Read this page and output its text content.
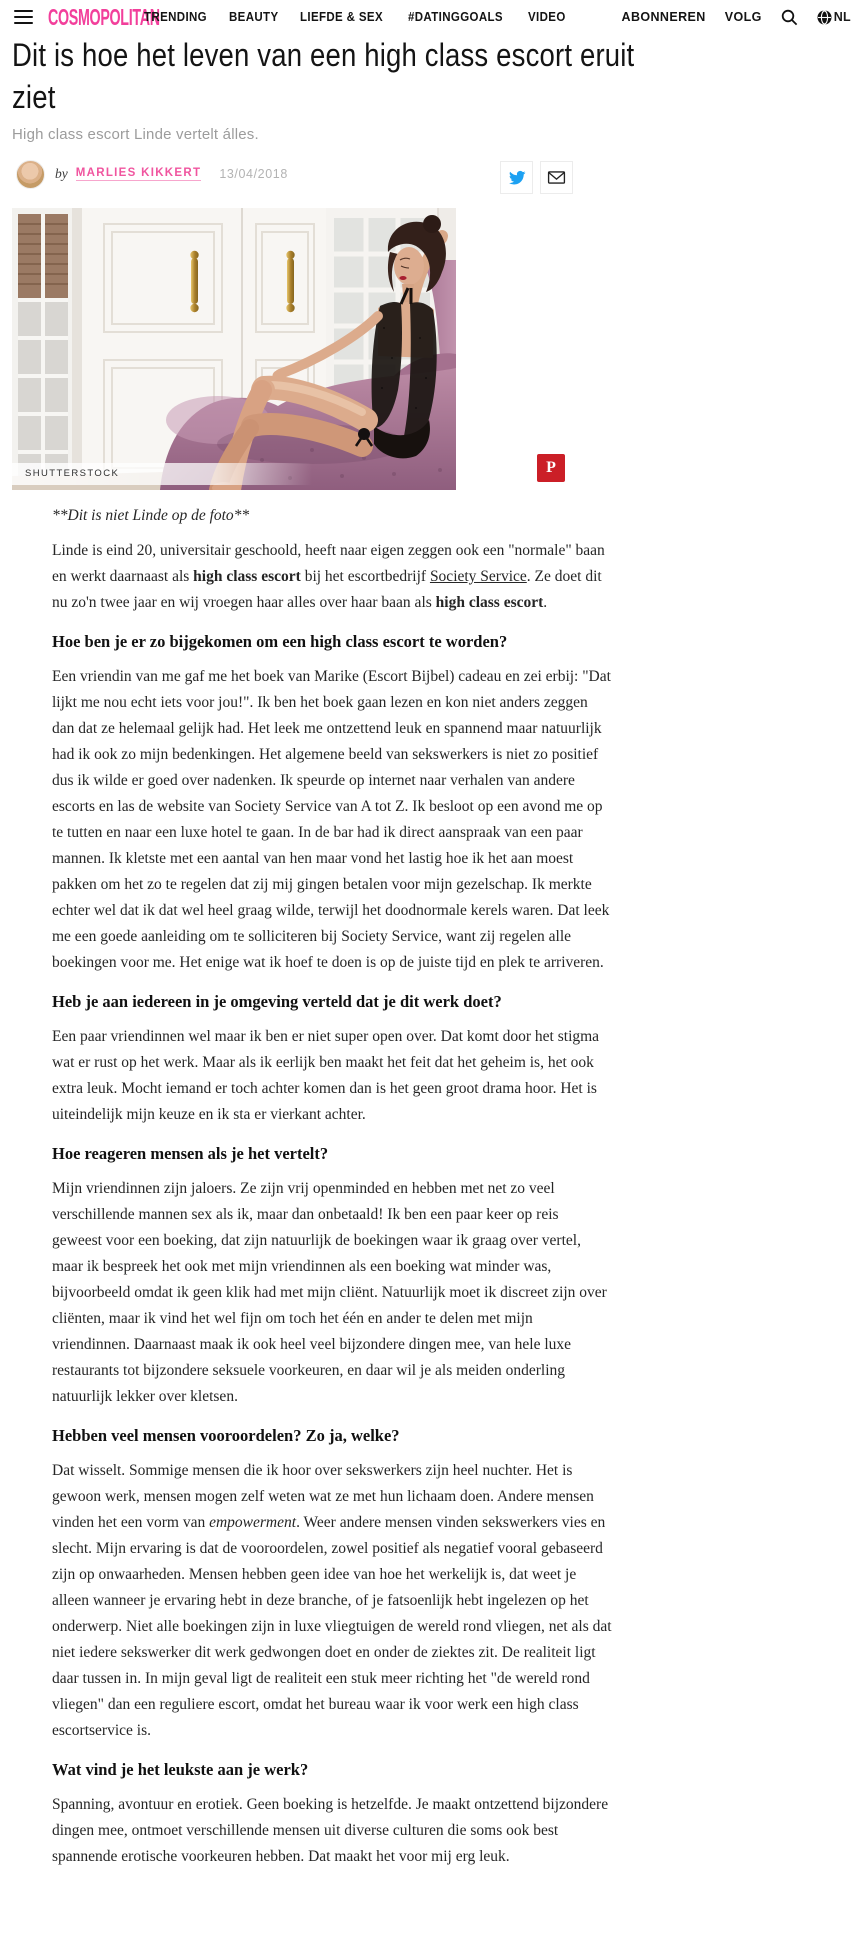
COSMOPOLITAN
TRENDING BEAUTY LIEFDE & SEX #DATINGGOALS VIDEO	ABONNEREN VOLG	NL
Dit is hoe het leven van een high class escort eruit ziet

High class escort Linde vertelt álles.

by MARLIES KIKKERT 13/04/2018
SHUTTERSTOCK	P

**Dit is niet Linde op de foto**

Linde is eind 20, universitair geschoold, heeft naar eigen zeggen ook een "normale" baan en werkt daarnaast als high class escort bij het escortbedrijf Society Service. Ze doet dit nu zo'n twee jaar en wij vroegen haar alles over haar baan als high class escort.

Hoe ben je er zo bijgekomen om een high class escort te worden?

Een vriendin van me gaf me het boek van Marike (Escort Bijbel) cadeau en zei erbij: "Dat lijkt me nou echt iets voor jou!". Ik ben het boek gaan lezen en kon niet anders zeggen dan dat ze helemaal gelijk had. Het leek me ontzettend leuk en spannend maar natuurlijk had ik ook zo mijn bedenkingen. Het algemene beeld van sekswerkers is niet zo positief dus ik wilde er goed over nadenken. Ik speurde op internet naar verhalen van andere escorts en las de website van Society Service van A tot Z. Ik besloot op een avond me op te tutten en naar een luxe hotel te gaan. In de bar had ik direct aanspraak van een paar mannen. Ik kletste met een aantal van hen maar vond het lastig hoe ik het aan moest pakken om het zo te regelen dat zij mij gingen betalen voor mijn gezelschap. Ik merkte echter wel dat ik dat wel heel graag wilde, terwijl het doodnormale kerels waren. Dat leek me een goede aanleiding om te solliciteren bij Society Service, want zij regelen alle boekingen voor me. Het enige wat ik hoef te doen is op de juiste tijd en plek te arriveren.

Heb je aan iedereen in je omgeving verteld dat je dit werk doet?

Een paar vriendinnen wel maar ik ben er niet super open over. Dat komt door het stigma wat er rust op het werk. Maar als ik eerlijk ben maakt het feit dat het geheim is, het ook extra leuk. Mocht iemand er toch achter komen dan is het geen groot drama hoor. Het is uiteindelijk mijn keuze en ik sta er vierkant achter.

Hoe reageren mensen als je het vertelt?

Mijn vriendinnen zijn jaloers. Ze zijn vrij openminded en hebben met net zo veel verschillende mannen sex als ik, maar dan onbetaald! Ik ben een paar keer op reis geweest voor een boeking, dat zijn natuurlijk de boekingen waar ik graag over vertel, maar ik bespreek het ook met mijn vriendinnen als een boeking wat minder was, bijvoorbeeld omdat ik geen klik had met mijn cliënt. Natuurlijk moet ik discreet zijn over cliënten, maar ik vind het wel fijn om toch het één en ander te delen met mijn vriendinnen. Daarnaast maak ik ook heel veel bijzondere dingen mee, van hele luxe restaurants tot bijzondere seksuele voorkeuren, en daar wil je als meiden onderling natuurlijk lekker over kletsen.

Hebben veel mensen vooroordelen? Zo ja, welke?

Dat wisselt. Sommige mensen die ik hoor over sekswerkers zijn heel nuchter. Het is gewoon werk, mensen mogen zelf weten wat ze met hun lichaam doen. Andere mensen vinden het een vorm van empowerment. Weer andere mensen vinden sekswerkers vies en slecht. Mijn ervaring is dat de vooroordelen, zowel positief als negatief vooral gebaseerd zijn op onwaarheden. Mensen hebben geen idee van hoe het werkelijk is, dat weet je alleen wanneer je ervaring hebt in deze branche, of je fatsoenlijk hebt ingelezen op het onderwerp. Niet alle boekingen zijn in luxe vliegtuigen de wereld rond vliegen, net als dat niet iedere sekswerker dit werk gedwongen doet en onder de ziektes zit. De realiteit ligt daar tussen in. In mijn geval ligt de realiteit een stuk meer richting het "de wereld rond vliegen" dan een reguliere escort, omdat het bureau waar ik voor werk een high class escortservice is.

Wat vind je het leukste aan je werk?

Spanning, avontuur en erotiek. Geen boeking is hetzelfde. Je maakt ontzettend bijzondere dingen mee, ontmoet verschillende mensen uit diverse culturen die soms ook best spannende erotische voorkeuren hebben. Dat maakt het voor mij erg leuk.
